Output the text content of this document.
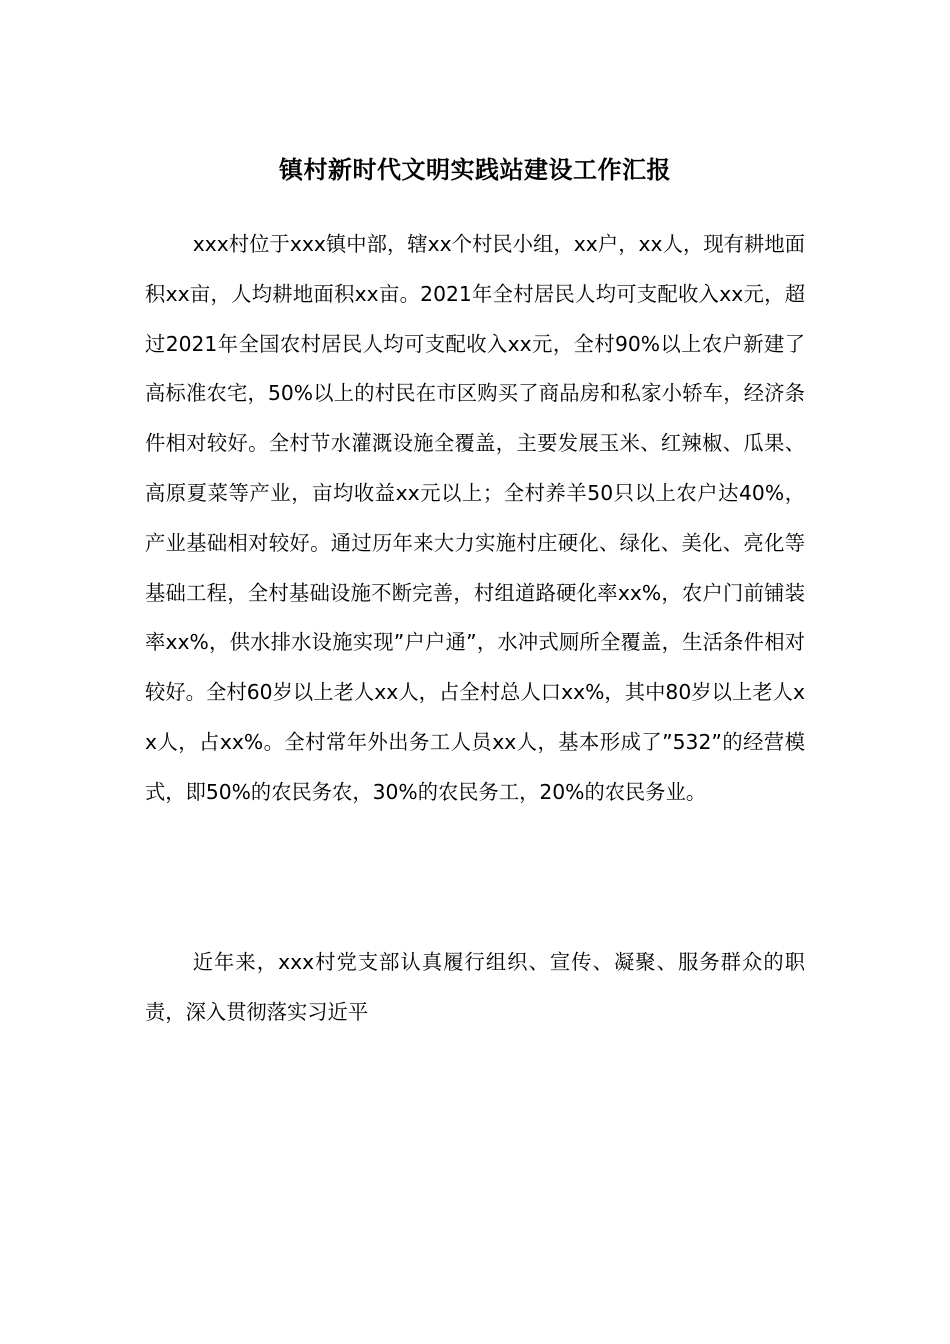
镇村新时代文明实践站建设工作汇报

xxx村位于xxx镇中部，辖xx个村民小组，xx户，xx人，现有耕地面积xx亩，人均耕地面积xx亩。2021年全村居民人均可支配收入xx元，超过2021年全国农村居民人均可支配收入xx元，全村90%以上农户新建了高标准农宅，50%以上的村民在市区购买了商品房和私家小轿车，经济条件相对较好。全村节水灌溉设施全覆盖，主要发展玉米、红辣椒、瓜果、高原夏菜等产业，亩均收益xx元以上；全村养羊50只以上农户达40%，产业基础相对较好。通过历年来大力实施村庄硬化、绿化、美化、亮化等基础工程，全村基础设施不断完善，村组道路硬化率xx%，农户门前铺装率xx%，供水排水设施实现”户户通”，水冲式厕所全覆盖，生活条件相对较好。全村60岁以上老人xx人，占全村总人口xx%，其中80岁以上老人xx人，占xx%。全村常年外出务工人员xx人，基本形成了”532”的经营模式，即50%的农民务农，30%的农民务工，20%的农民务业。

近年来，xxx村党支部认真履行组织、宣传、凝聚、服务群众的职责，深入贯彻落实习近平
